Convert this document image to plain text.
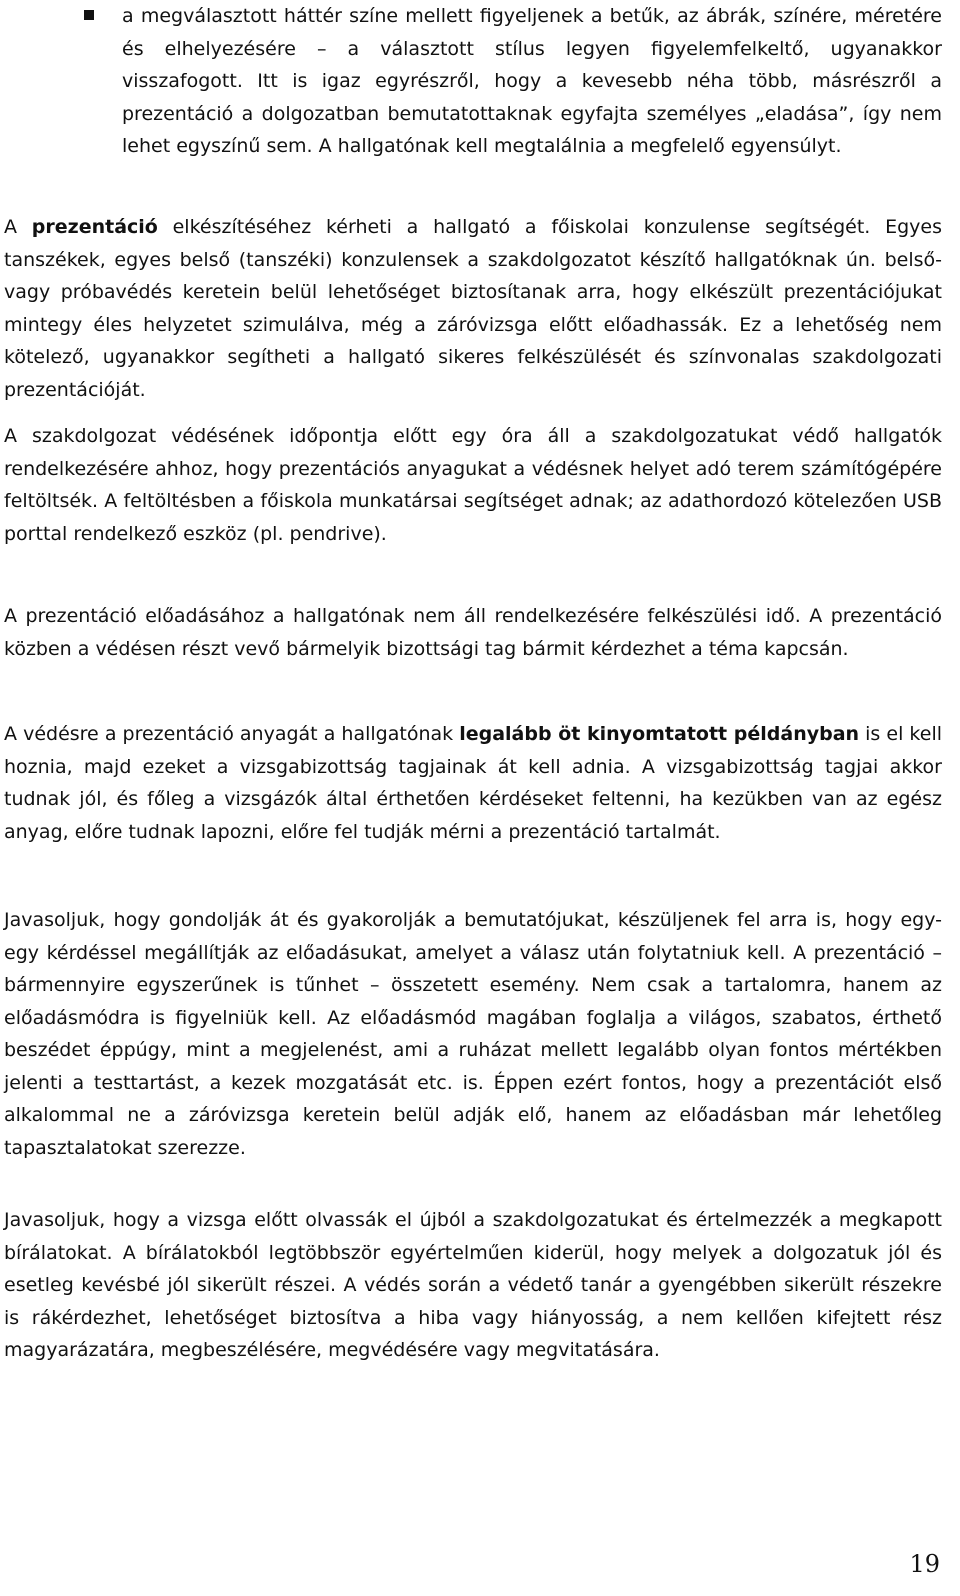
a megválasztott háttér színe mellett figyeljenek a betűk, az ábrák, színére, méretére és elhelyezésére – a választott stílus legyen figyelemfelkeltő, ugyanakkor visszafogott. Itt is igaz egyrészről, hogy a kevesebb néha több, másrészről a prezentáció a dolgozatban bemutatottaknak egyfajta személyes „eladása”, így nem lehet egyszínű sem. A hallgatónak kell megtalálnia a megfelelő egyensúlyt.
A prezentáció elkészítéséhez kérheti a hallgató a főiskolai konzulense segítségét. Egyes tanszékek, egyes belső (tanszéki) konzulensek a szakdolgozatot készítő hallgatóknak ún. belső- vagy próbavédés keretein belül lehetőséget biztosítanak arra, hogy elkészült prezentációjukat mintegy éles helyzetet szimulálva, még a záróvizsga előtt előadhassák. Ez a lehetőség nem kötelező, ugyanakkor segítheti a hallgató sikeres felkészülését és színvonalas szakdolgozati prezentációját.
A szakdolgozat védésének időpontja előtt egy óra áll a szakdolgozatukat védő hallgatók rendelkezésére ahhoz, hogy prezentációs anyagukat a védésnek helyet adó terem számítógépére feltöltsék. A feltöltésben a főiskola munkatársai segítséget adnak; az adathordozó kötelezően USB porttal rendelkező eszköz (pl. pendrive).
A prezentáció előadásához a hallgatónak nem áll rendelkezésére felkészülési idő. A prezentáció közben a védésen részt vevő bármelyik bizottsági tag bármit kérdezhet a téma kapcsán.
A védésre a prezentáció anyagát a hallgatónak legalább öt kinyomtatott példányban is el kell hoznia, majd ezeket a vizsgabizottság tagjainak át kell adnia. A vizsgabizottság tagjai akkor tudnak jól, és főleg a vizsgázók által érthetően kérdéseket feltenni, ha kezükben van az egész anyag, előre tudnak lapozni, előre fel tudják mérni a prezentáció tartalmát.
Javasoljuk, hogy gondolják át és gyakorolják a bemutatójukat, készüljenek fel arra is, hogy egy-egy kérdéssel megállítják az előadásukat, amelyet a válasz után folytatniuk kell. A prezentáció – bármennyire egyszerűnek is tűnhet – összetett esemény. Nem csak a tartalomra, hanem az előadásmódra is figyelniük kell. Az előadásmód magában foglalja a világos, szabatos, érthető beszédet éppúgy, mint a megjelenést, ami a ruházat mellett legalább olyan fontos mértékben jelenti a testtartást, a kezek mozgatását etc. is. Éppen ezért fontos, hogy a prezentációt első alkalommal ne a záróvizsga keretein belül adják elő, hanem az előadásban már lehetőleg tapasztalatokat szerezze.
Javasoljuk, hogy a vizsga előtt olvassák el újból a szakdolgozatukat és értelmezzék a megkapott bírálatokat. A bírálatokból legtöbbször egyértelműen kiderül, hogy melyek a dolgozatuk jól és esetleg kevésbé jól sikerült részei. A védés során a védető tanár a gyengébben sikerült részekre is rákérdezhet, lehetőséget biztosítva a hiba vagy hiányosság, a nem kellően kifejtett rész magyarázatára, megbeszélésére, megvédésére vagy megvitatására.
19
